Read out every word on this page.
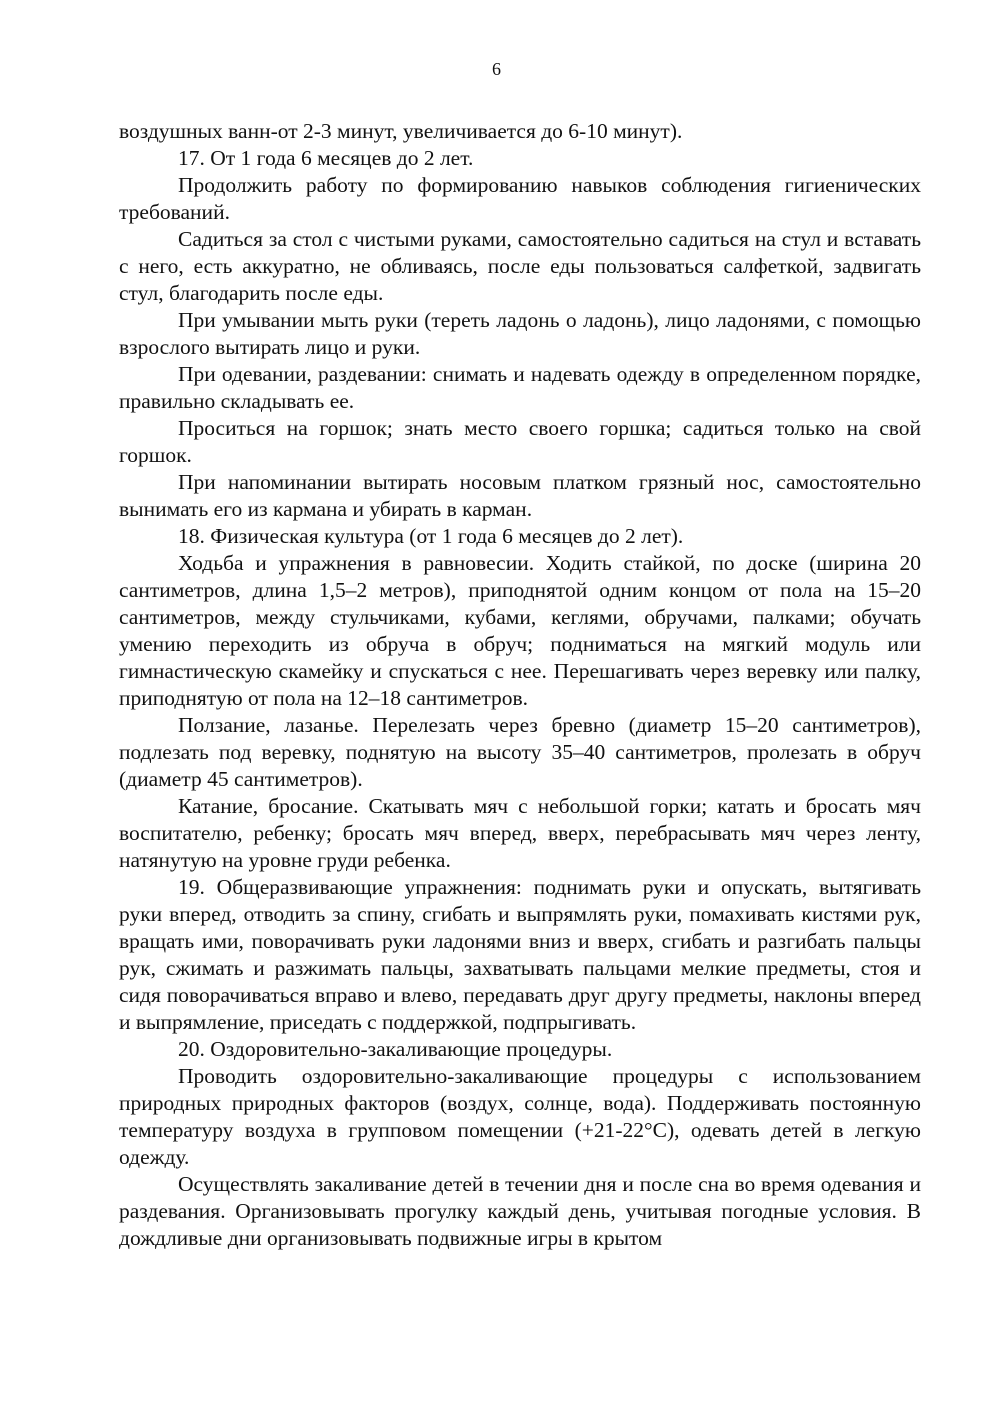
6

воздушных ванн-от 2-3 минут, увеличивается до 6-10 минут).

17. От 1 года 6 месяцев до 2 лет.

Продолжить работу по формированию навыков соблюдения гигиенических требований.

Садиться за стол с чистыми руками, самостоятельно садиться на стул и вставать с него, есть аккуратно, не обливаясь, после еды пользоваться салфеткой, задвигать стул, благодарить после еды.

При умывании мыть руки (тереть ладонь о ладонь), лицо ладонями, с помощью взрослого вытирать лицо и руки.

При одевании, раздевании: снимать и надевать одежду в определенном порядке, правильно складывать ее.

Проситься на горшок; знать место своего горшка; садиться только на свой горшок.

При напоминании вытирать носовым платком грязный нос, самостоятельно вынимать его из кармана и убирать в карман.

18. Физическая культура (от 1 года 6 месяцев до 2 лет).

Ходьба и упражнения в равновесии. Ходить стайкой, по доске (ширина 20 сантиметров, длина 1,5–2 метров), приподнятой одним концом от пола на 15–20 сантиметров, между стульчиками, кубами, кеглями, обручами, палками; обучать умению переходить из обруча в обруч; подниматься на мягкий модуль или гимнастическую скамейку и спускаться с нее. Перешагивать через веревку или палку, приподнятую от пола на 12–18 сантиметров.

Ползание, лазанье. Перелезать через бревно (диаметр 15–20 сантиметров), подлезать под веревку, поднятую на высоту 35–40 сантиметров, пролезать в обруч (диаметр 45 сантиметров).

Катание, бросание. Скатывать мяч с небольшой горки; катать и бросать мяч воспитателю, ребенку; бросать мяч вперед, вверх, перебрасывать мяч через ленту, натянутую на уровне груди ребенка.

19. Общеразвивающие упражнения: поднимать руки и опускать, вытягивать руки вперед, отводить за спину, сгибать и выпрямлять руки, помахивать кистями рук, вращать ими, поворачивать руки ладонями вниз и вверх, сгибать и разгибать пальцы рук, сжимать и разжимать пальцы, захватывать пальцами мелкие предметы, стоя и сидя поворачиваться вправо и влево, передавать друг другу предметы, наклоны вперед и выпрямление, приседать с поддержкой, подпрыгивать.

20. Оздоровительно-закаливающие процедуры.

Проводить оздоровительно-закаливающие процедуры с использованием природных природных факторов (воздух, солнце, вода). Поддерживать постоянную температуру воздуха в групповом помещении (+21-22°C), одевать детей в легкую одежду.

Осуществлять закаливание детей в течении дня и после сна во время одевания и раздевания. Организовывать прогулку каждый день, учитывая погодные условия. В дождливые дни организовывать подвижные игры в крытом
